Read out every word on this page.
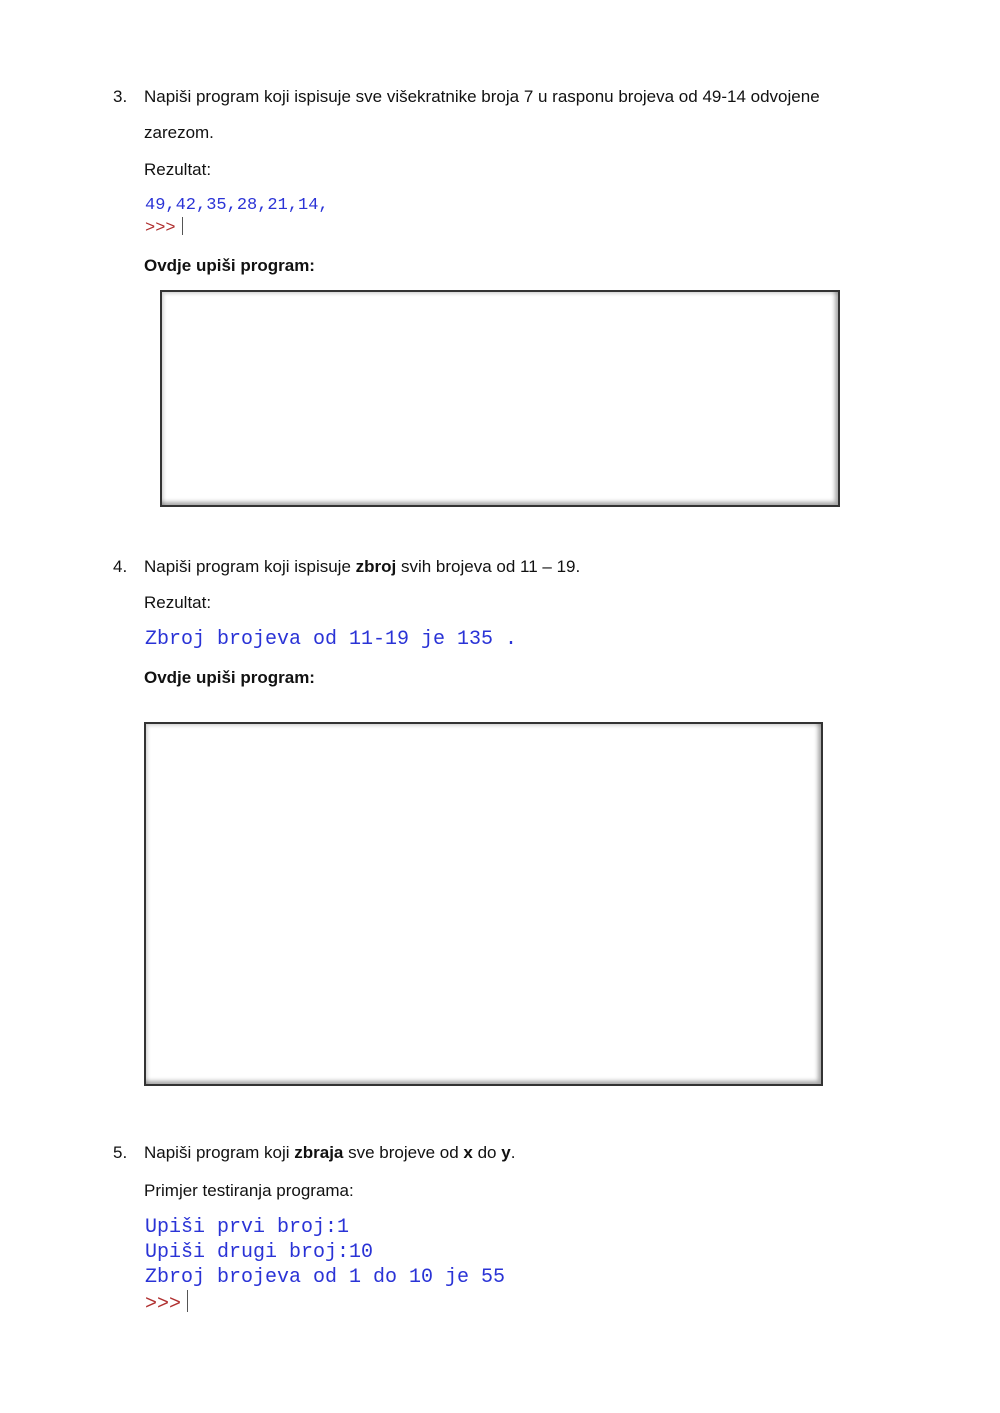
3. Napiši program koji ispisuje sve višekratnike broja 7 u rasponu brojeva od 49-14 odvojene
zarezom.
Rezultat:
49,42,35,28,21,14,
>>>
Ovdje upiši program:
4. Napiši program koji ispisuje zbroj svih brojeva od 11 – 19.
Rezultat:
Zbroj brojeva od 11-19 je 135 .
Ovdje upiši program:
5. Napiši program koji zbraja sve brojeve od x do y.
Primjer testiranja programa:
Upiši prvi broj:1
Upiši drugi broj:10
Zbroj brojeva od 1 do 10 je 55
>>>
